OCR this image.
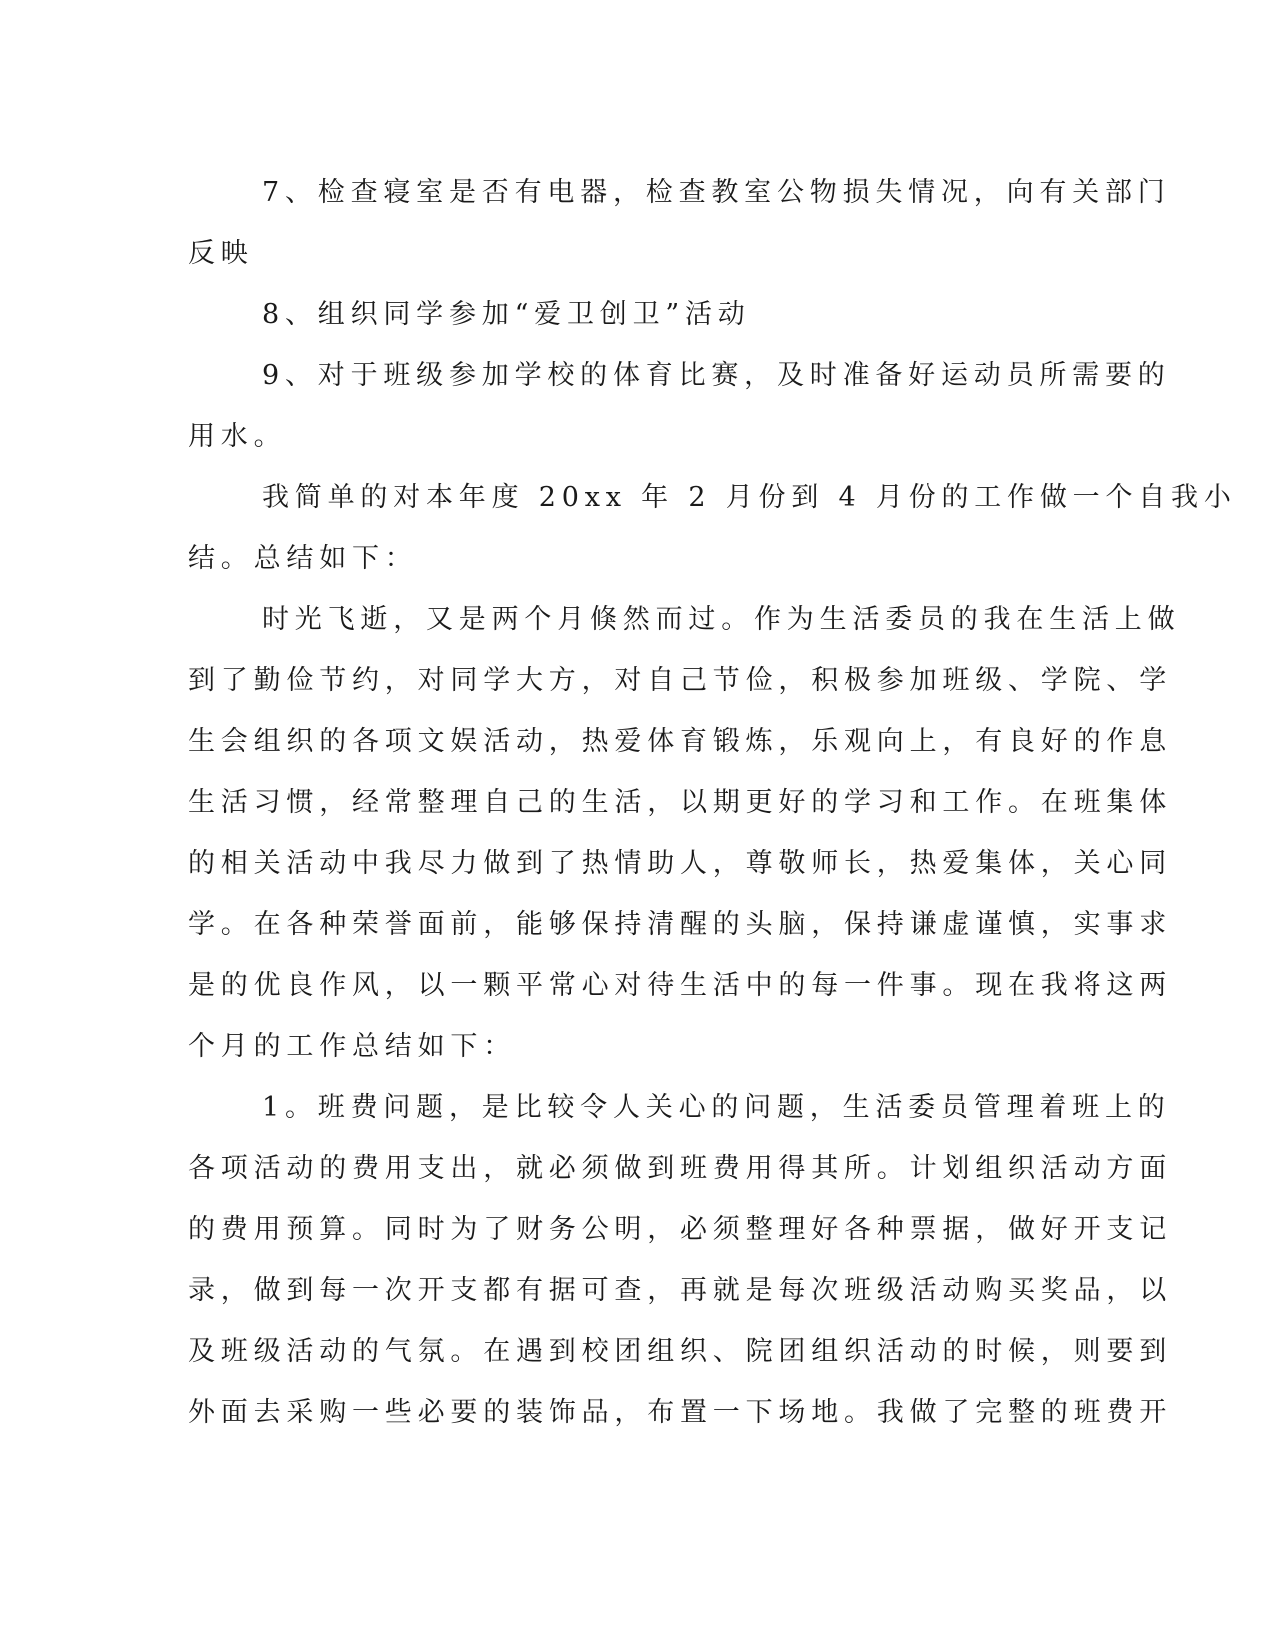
7、检查寝室是否有电器，检查教室公物损失情况，向有关部门
反映
8、组织同学参加“爱卫创卫”活动
9、对于班级参加学校的体育比赛，及时准备好运动员所需要的
用水。
我简单的对本年度 20xx 年 2 月份到 4 月份的工作做一个自我小
结。总结如下：
时光飞逝，又是两个月倏然而过。作为生活委员的我在生活上做
到了勤俭节约，对同学大方，对自己节俭，积极参加班级、学院、学
生会组织的各项文娱活动，热爱体育锻炼，乐观向上，有良好的作息
生活习惯，经常整理自己的生活，以期更好的学习和工作。在班集体
的相关活动中我尽力做到了热情助人，尊敬师长，热爱集体，关心同
学。在各种荣誉面前，能够保持清醒的头脑，保持谦虚谨慎，实事求
是的优良作风，以一颗平常心对待生活中的每一件事。现在我将这两
个月的工作总结如下：
1。班费问题，是比较令人关心的问题，生活委员管理着班上的
各项活动的费用支出，就必须做到班费用得其所。计划组织活动方面
的费用预算。同时为了财务公明，必须整理好各种票据，做好开支记
录，做到每一次开支都有据可查，再就是每次班级活动购买奖品，以
及班级活动的气氛。在遇到校团组织、院团组织活动的时候，则要到
外面去采购一些必要的装饰品，布置一下场地。我做了完整的班费开
